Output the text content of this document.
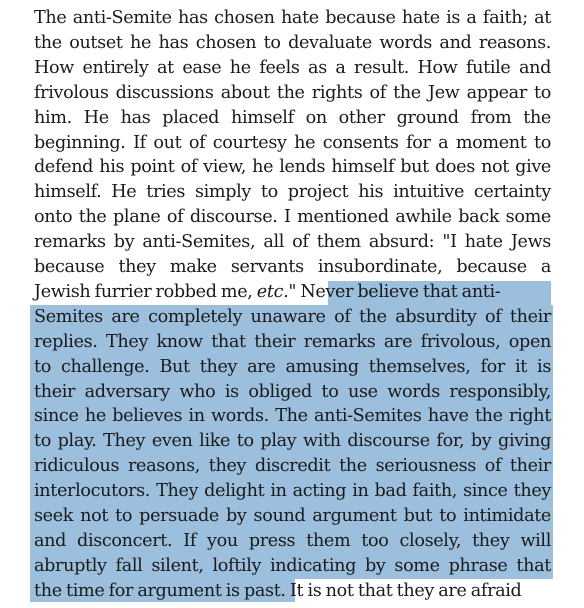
The anti-Semite has chosen hate because hate is a faith; at
the outset he has chosen to devaluate words and reasons.
How entirely at ease he feels as a result. How futile and
frivolous discussions about the rights of the Jew appear to
him. He has placed himself on other ground from the
beginning. If out of courtesy he consents for a moment to
defend his point of view, he lends himself but does not give
himself. He tries simply to project his intuitive certainty
onto the plane of discourse. I mentioned awhile back some
remarks by anti-Semites, all of them absurd: "I hate Jews
because they make servants insubordinate, because a
Jewish furrier robbed me, etc." Never believe that anti-
Semites are completely unaware of the absurdity of their
replies. They know that their remarks are frivolous, open
to challenge. But they are amusing themselves, for it is
their adversary who is obliged to use words responsibly,
since he believes in words. The anti-Semites have the right
to play. They even like to play with discourse for, by giving
ridiculous reasons, they discredit the seriousness of their
interlocutors. They delight in acting in bad faith, since they
seek not to persuade by sound argument but to intimidate
and disconcert. If you press them too closely, they will
abruptly fall silent, loftily indicating by some phrase that
the time for argument is past. It is not that they are afraid
